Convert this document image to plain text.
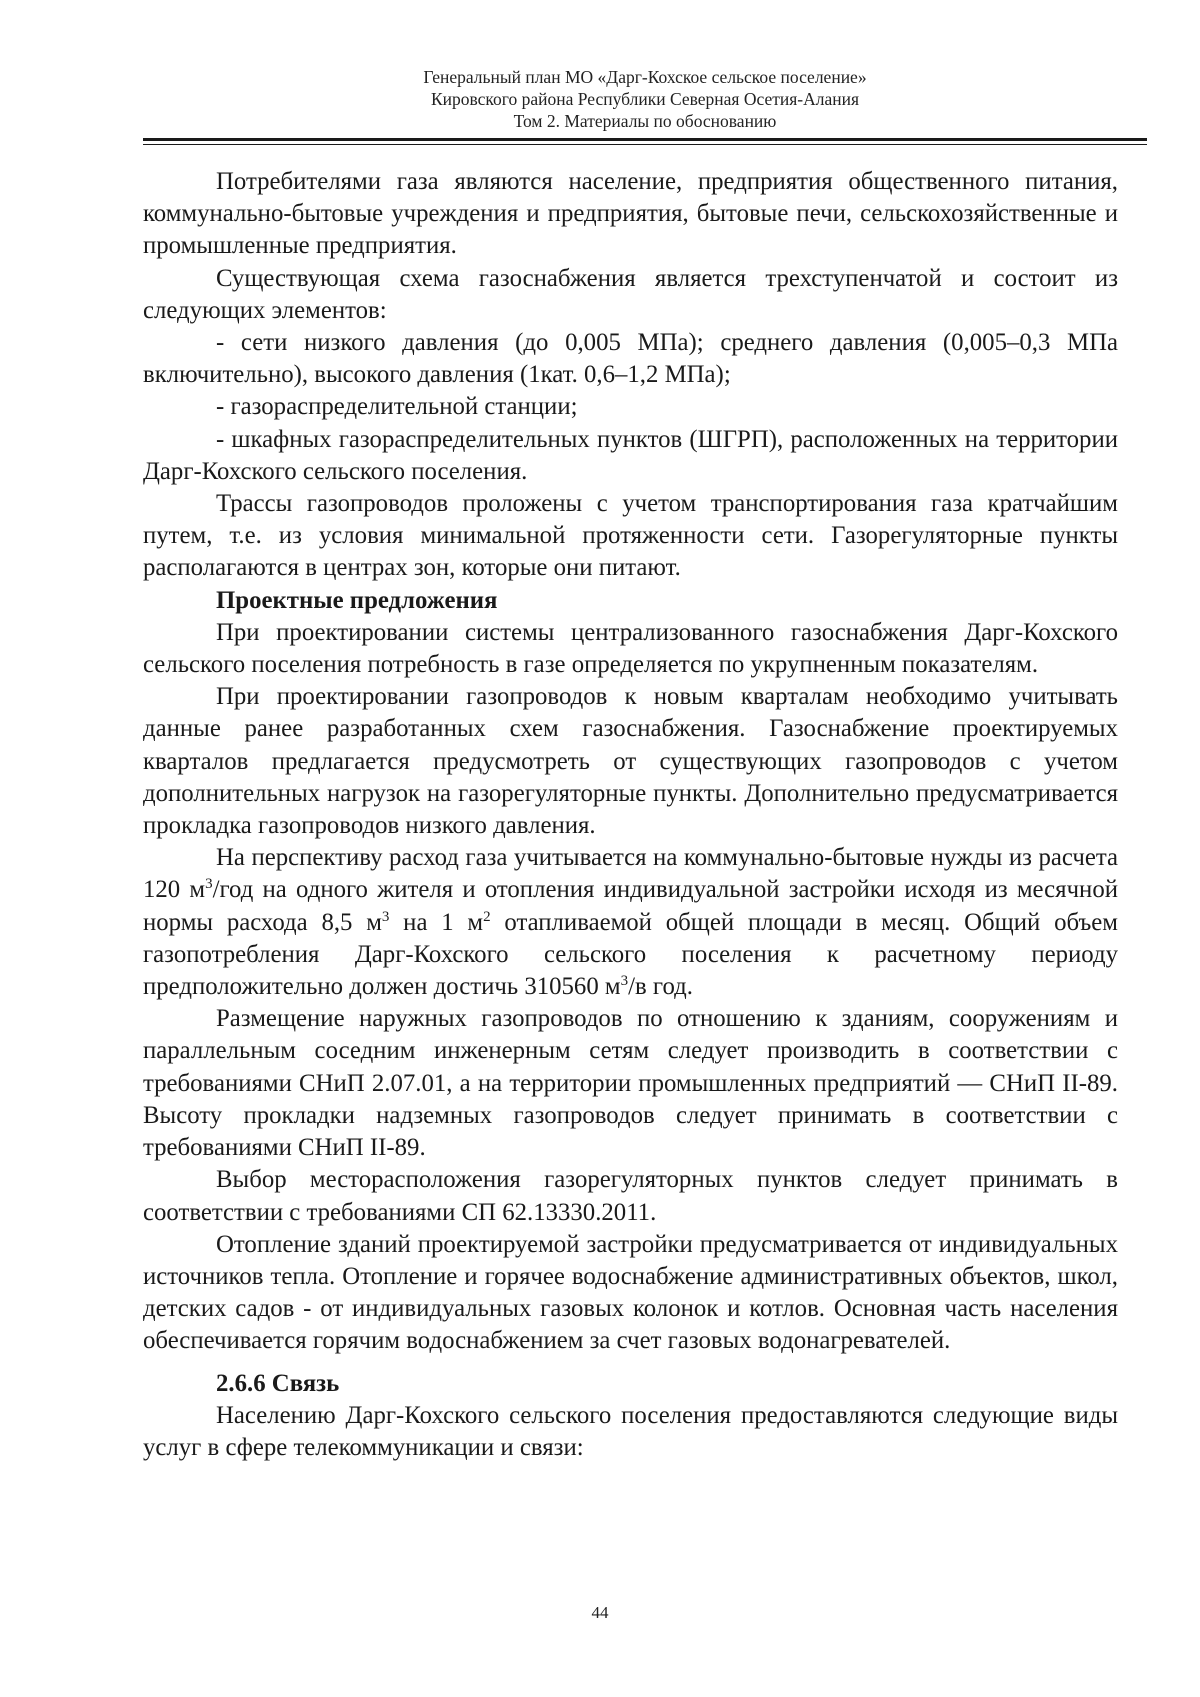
Генеральный план МО «Дарг-Кохское сельское поселение»
Кировского района Республики Северная Осетия-Алания
Том 2. Материалы по обоснованию

Потребителями газа являются население, предприятия общественного питания, коммунально-бытовые учреждения и предприятия, бытовые печи, сельскохозяйственные и промышленные предприятия.

Существующая схема газоснабжения является трехступенчатой и состоит из следующих элементов:

- сети низкого давления (до 0,005 МПа); среднего давления (0,005–0,3 МПа включительно), высокого давления (1кат. 0,6–1,2 МПа);

- газораспределительной станции;

- шкафных газораспределительных пунктов (ШГРП), расположенных на территории Дарг-Кохского сельского поселения.

Трассы газопроводов проложены с учетом транспортирования газа кратчайшим путем, т.е. из условия минимальной протяженности сети. Газорегуляторные пункты располагаются в центрах зон, которые они питают.

Проектные предложения

При проектировании системы централизованного газоснабжения Дарг-Кохского сельского поселения потребность в газе определяется по укрупненным показателям.

При проектировании газопроводов к новым кварталам необходимо учитывать данные ранее разработанных схем газоснабжения. Газоснабжение проектируемых кварталов предлагается предусмотреть от существующих газопроводов с учетом дополнительных нагрузок на газорегуляторные пункты. Дополнительно предусматривается прокладка газопроводов низкого давления.

На перспективу расход газа учитывается на коммунально-бытовые нужды из расчета 120 $м^3$/год на одного жителя и отопления индивидуальной застройки исходя из месячной нормы расхода 8,5 $м^3$ на 1 $м^2$ отапливаемой общей площади в месяц. Общий объем газопотребления Дарг-Кохского сельского поселения к расчетному периоду предположительно должен достичь 310560 $м^3/в$ год.

Размещение наружных газопроводов по отношению к зданиям, сооружениям и параллельным соседним инженерным сетям следует производить в соответствии с требованиями СНиП 2.07.01, а на территории промышленных предприятий — СНиП II-89. Высоту прокладки надземных газопроводов следует принимать в соответствии с требованиями СНиП II-89.

Выбор месторасположения газорегуляторных пунктов следует принимать в соответствии с требованиями СП 62.13330.2011.

Отопление зданий проектируемой застройки предусматривается от индивидуальных источников тепла. Отопление и горячее водоснабжение административных объектов, школ, детских садов - от индивидуальных газовых колонок и котлов. Основная часть населения обеспечивается горячим водоснабжением за счет газовых водонагревателей.

2.6.6 Связь

Населению Дарг-Кохского сельского поселения предоставляются следующие виды услуг в сфере телекоммуникации и связи:

44
